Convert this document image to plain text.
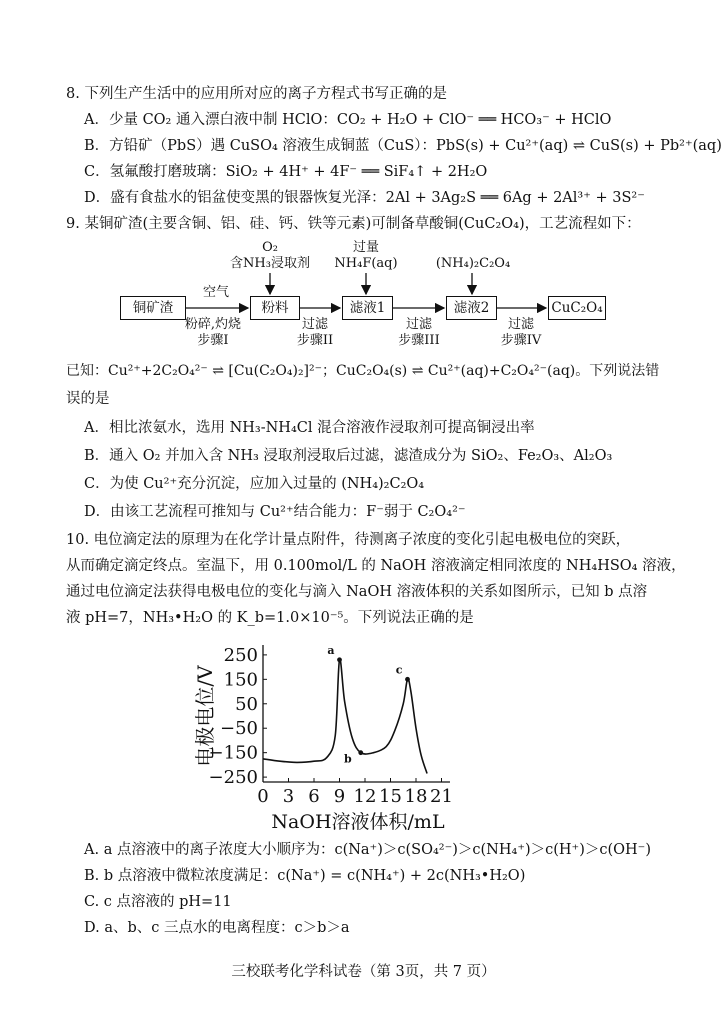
8. 下列生产生活中的应用所对应的离子方程式书写正确的是
A．少量 CO₂ 通入漂白液中制 HClO：CO₂ + H₂O + ClO⁻ ══ HCO₃⁻ + HClO
B．方铅矿（PbS）遇 CuSO₄ 溶液生成铜蓝（CuS）：PbS(s) + Cu²⁺(aq) ⇌ CuS(s) + Pb²⁺(aq)
C．氢氟酸打磨玻璃：SiO₂ + 4H⁺ + 4F⁻ ══ SiF₄↑ + 2H₂O
D．盛有食盐水的铝盆使变黑的银器恢复光泽：2Al + 3Ag₂S ══ 6Ag + 2Al³⁺ + 3S²⁻
9. 某铜矿渣(主要含铜、铝、硅、钙、铁等元素)可制备草酸铜(CuC₂O₄)，工艺流程如下：
铜矿渣	粉料	滤液1	滤液2	CuC₂O₄
空气
O₂
含NH₃浸取剂
过量
NH₄F(aq)	(NH₄)₂C₂O₄
粉碎,灼烧
步骤I
过滤
步骤II
过滤
步骤III
过滤
步骤IV
已知：Cu²⁺+2C₂O₄²⁻ ⇌ [Cu(C₂O₄)₂]²⁻；CuC₂O₄(s) ⇌ Cu²⁺(aq)+C₂O₄²⁻(aq)。下列说法错
误的是
A．相比浓氨水，选用 NH₃-NH₄Cl 混合溶液作浸取剂可提高铜浸出率
B．通入 O₂ 并加入含 NH₃ 浸取剂浸取后过滤，滤渣成分为 SiO₂、Fe₂O₃、Al₂O₃
C．为使 Cu²⁺充分沉淀，应加入过量的 (NH₄)₂C₂O₄
D．由该工艺流程可推知与 Cu²⁺结合能力：F⁻弱于 C₂O₄²⁻
10. 电位滴定法的原理为在化学计量点附件，待测离子浓度的变化引起电极电位的突跃，
从而确定滴定终点。室温下，用 0.100mol/L 的 NaOH 溶液滴定相同浓度的 NH₄HSO₄ 溶液，
通过电位滴定法获得电极电位的变化与滴入 NaOH 溶液体积的关系如图所示，已知 b 点溶
液 pH=7，NH₃•H₂O 的 K_b=1.0×10⁻⁵。下列说法正确的是
250
150
50
−50
−150
−250
0 3 6 9 12 15 18 21
a
b
c
电极电位/V
NaOH溶液体积/mL
A. a 点溶液中的离子浓度大小顺序为：c(Na⁺)＞c(SO₄²⁻)＞c(NH₄⁺)＞c(H⁺)＞c(OH⁻)
B. b 点溶液中微粒浓度满足：c(Na⁺) = c(NH₄⁺) + 2c(NH₃•H₂O)
C. c 点溶液的 pH=11
D. a、b、c 三点水的电离程度：c＞b＞a
三校联考化学科试卷（第 3页，共 7 页）
